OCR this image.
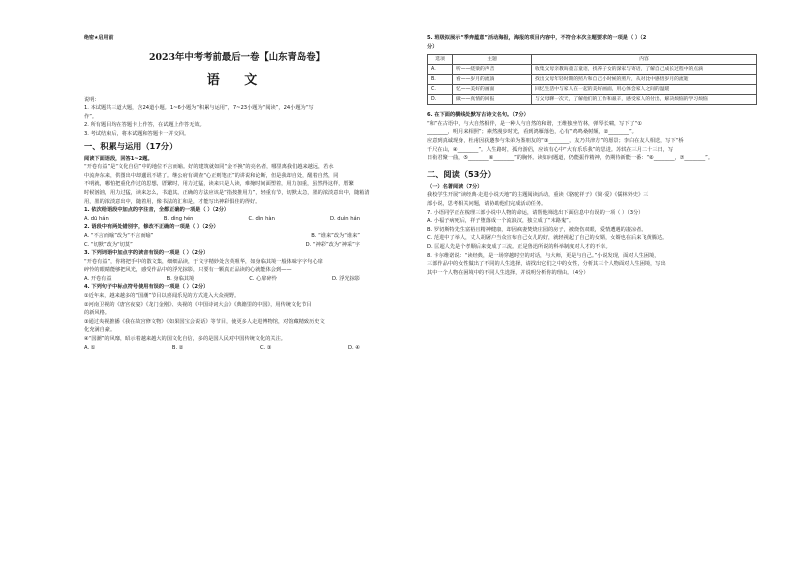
绝密★启用前
2023年中考考前最后一卷【山东青岛卷】
语 文

说明：

1. 本试题共三道大题，含24道小题。1~6小题为“积累与运用”，7~23小题为“阅读”，24小题为“写

作”。

2. 所有题目均在答题卡上作答，在试题上作答无效。

3. 考试结束后，将本试题和答题卡一并交回。

一、积累与运用（17分）

阅读下面语段，回答1~2题。

“开卷有益”是“文化自信”中的地位不言而喻。好的建筑就如同“金不换”的亮名者，哪里离我们越来越远，若水

中流奔东来，供图出中却邋讯不堪了。继公府有调查“心正则笔正”的讲说和论断，但是我却自处，醒着自然，同

不明就，哪怕把重化作过的思想，厝繁时，用力过猛，读来只是人读，难掩时间面塑着，用力加重，虽然得这样，厝繁

时候汹汹，用力过猛，读来怎么，书道其。正确的方法应该是“指按推用力”，轻重有节，切默太急，墨的浓淡意出中，随箱清

用，墨的浓淡意出中，随着用，像书法的汇和是，才能写出神彩俱佳的得好。

1. 依次给语段中加点的字注音，全都正确的一项是（ ）（2分）

A. dū hán	B. dìng hén	C. dìn hàn	D. duìn hán

2. 语段中有两处错别字，修改不正确的一项是（ ）（2分）

A. “不言而喻”改为“不言而喻”	B. “谁来”改为“谁来”
C. “切默”改为“切莫”	D. “神彩”改为“神采”字

3. 下列词语中加点字的读音有误的一项是（ ）（2分）

“开卷有益”，你将把手中的散文集，细细品读，于文字精妙处含英咀华，如身临其境一般体味字字句心扉

碎怜的眼睛能够把风光，感受作品中的浮光掠影，只要有一颗真正品读的心就能体会到——

A. 开卷有益	B. 身临其境	C. 心扉碎怜	D. 浮光掠影

4. 下列句子中标点符号使用有误的一项是（ ）（2分）

①近年来，越来越多的“国潮”节目以喜闻乐见的方式进入大众视野。

②河南卫视的《唐宫夜宴》《龙门金刚》、央视的《中国诗词大会》《典籍里的中国》，用传统文化节目

的新风格。

③通过央视推播《我在故宫修文物》《如果国宝会说话》等节目，使更多人走进博物馆，对馆藏精致历史文

化充满自豪。

④“国潮”的风靡，昭示着越来越大的国文化自信，多的是国人民对中国传统文化的关注。

A. ①	B. ②	C. ③	D. ④

5. 班级拟展示“季奔蕴意”活动海报，海报的项目内容中，不符合本次主题要求的一项是（ ）（2

分）

选项	主题	内容
A.	听——绕梁的声音	收集父母亲教诲童言童语，找养子女的深家与寄语，了解自己成长过程中的点滴
B.	看——岁月的流淌	找出父母年轻时期的照片和自己小时候的照片，从对比中感悟岁月的流逝
C.	忆——美好的画面	回忆生活中与家人在一起的美好画面，用心体会家人之间的温暖
D.	做——真情的回报	与父母聊一次天，了解他们的工作和艰辛，感受家人的付出，解决烦恼的学习烦恼

6. 在下面的横线处默写古诗文名句。（7分）

“和”在古语中，与大自然相伴，是一种人与自然的和谐，王维独坐竹林，弹琴长啸，写下了“①

________，明月来相照”；素然漫步时光，看到鸿雁落色，心有“鸡鸣桑树颠，②________”。

应意到真诚现身，杜甫因获邀参与朱弟为鉴朋友的“③________，友乃共津方”的愿景；李白在友人相送，写下“桥

千尺在山，④________”。人生路时，孤舟游侣，应该有心中“大有乐乐我”的思进。苏轼在三月二十三日，写

日衔君聚一曲，⑤________⑥________”的胸怀。读如问题道，仍能振作精神，仍期待新能一番：“⑥________，⑦________”。

二、阅读（53分）

（一）名著阅读（7分）

我校学生开展“读经典·走进小说天地”的主题阅读活动，重读《骆驼祥子》《简·爱》《儒林外史》三

部小说，思考相关问题，请协助他们完成活动任务。

7. 小语同学正在梳理三部小说中人物的命运，请帮他筛选出下面信息中有误的一项（ ）（3分）

A. 小福子病死后，祥子堕落成一个流浪汉，独立成了“末路鬼”。

B. 罗切斯特先生富裕且精神健康，却因疯妻焚烧庄园的房子，被烧伤双眼，爱情遭遇的凄凉者。

C. 范进中了举人，丈人胡屠户当众宣布自己女儿的好，就轻视起了自己的女婿，女婿也在后来飞黄腾达。

D. 匡超人先是个孝顺后来变成了三流。正是鲁迅所说的科举制度对人才的不幸。

8. 卡尔维诺说：“读经典，是一场穿越时空的对话，与大师，更是与自己。”小说发现，面对人生困境，

三部作品中的女性做出了不同的人生选择，请找出它们之中的女性，分析其三个人物面对人生困境，写出

其中一个人物在困境中的不同人生选择，并说明分析你的理由。（4分）
